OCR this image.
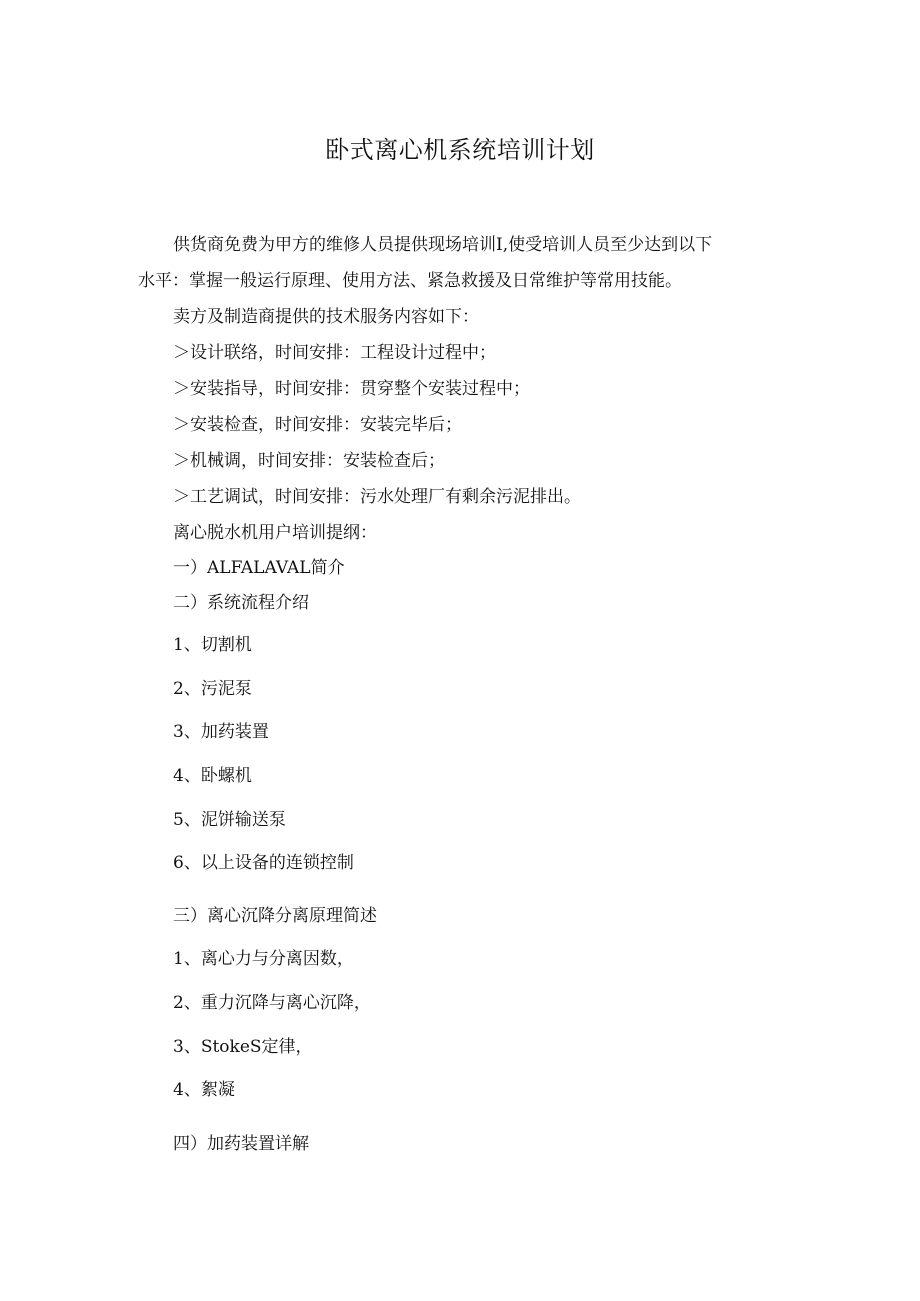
卧式离心机系统培训计划
供货商免费为甲方的维修人员提供现场培训I,使受培训人员至少达到以下
水平：掌握一般运行原理、使用方法、紧急救援及日常维护等常用技能。
卖方及制造商提供的技术服务内容如下：
＞设计联络，时间安排：工程设计过程中；
＞安装指导，时间安排：贯穿整个安装过程中；
＞安装检查，时间安排：安装完毕后；
＞机械调，时间安排：安装检查后；
＞工艺调试，时间安排：污水处理厂有剩余污泥排出。
离心脱水机用户培训提纲：
一）ALFALAVAL简介
二）系统流程介绍
1、切割机
2、污泥泵
3、加药装置
4、卧螺机
5、泥饼输送泵
6、以上设备的连锁控制
三）离心沉降分离原理简述
1、离心力与分离因数，
2、重力沉降与离心沉降，
3、StokeS定律，
4、絮凝
四）加药装置详解
